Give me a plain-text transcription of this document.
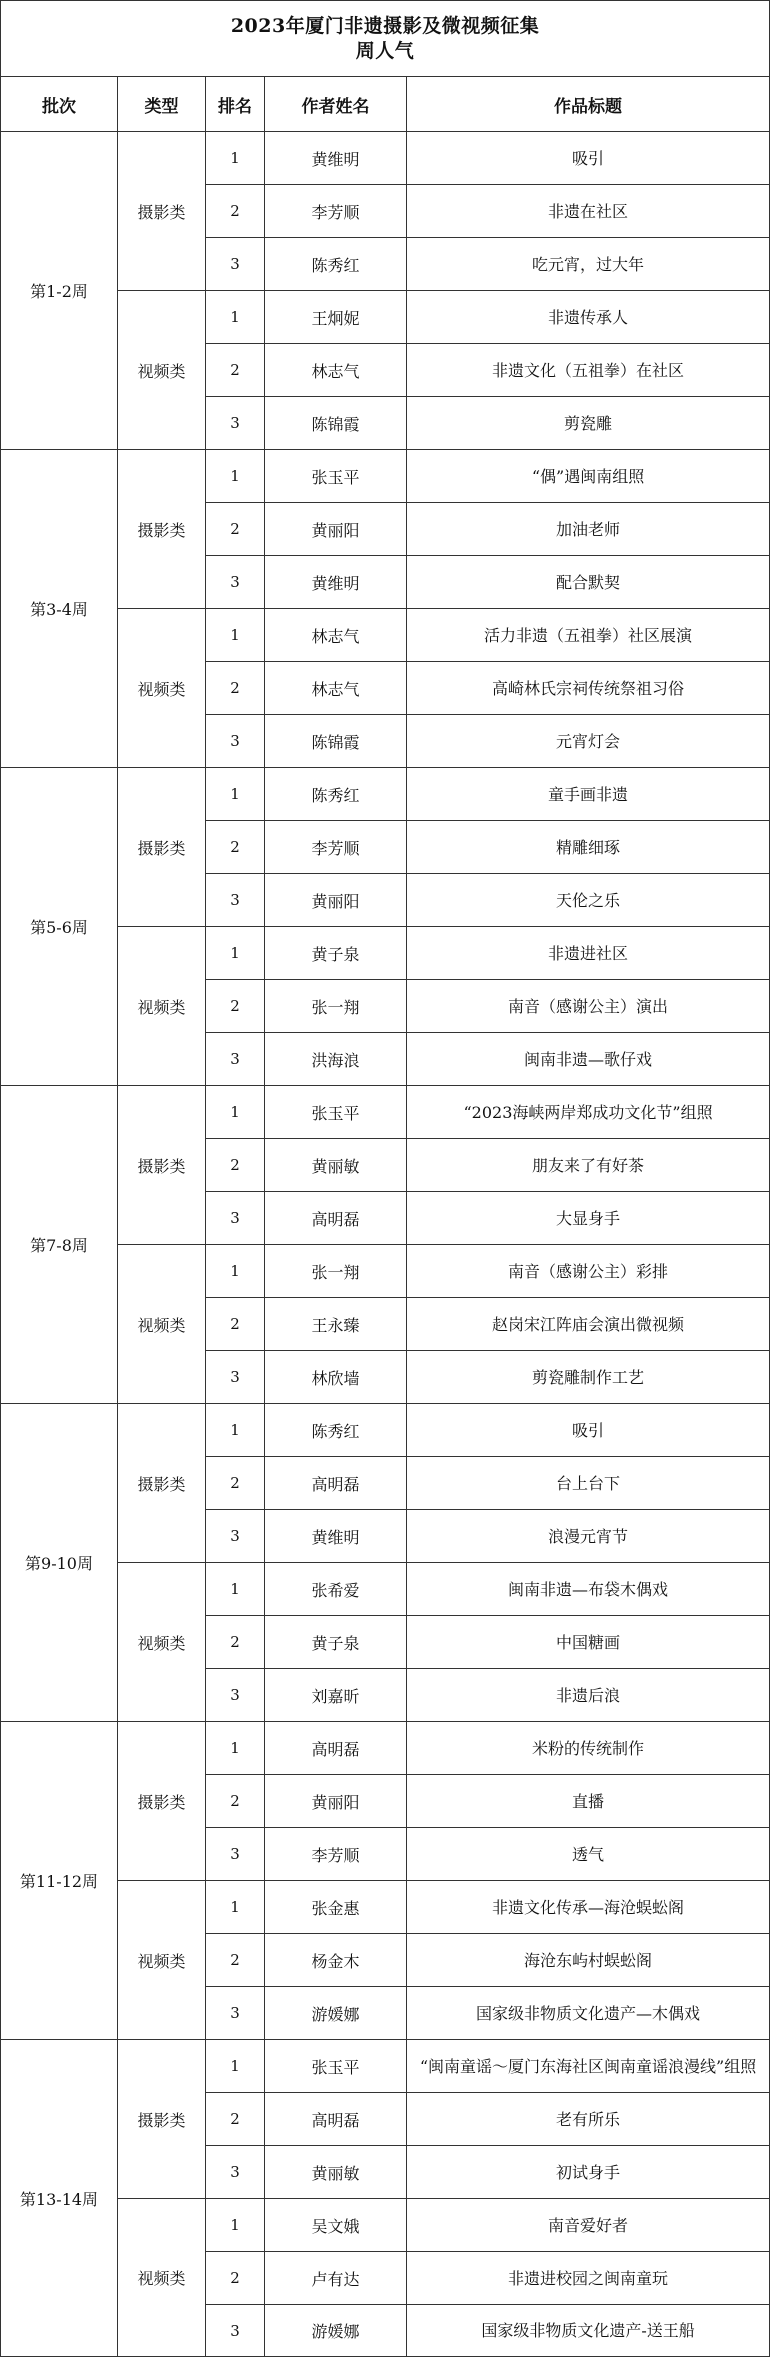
2023年厦门非遗摄影及微视频征集
周人气				

批次	类型	排名	作者姓名	作品标题
第1-2周	摄影类	1	黄维明	吸引
		2	李芳顺	非遗在社区
		3	陈秀红	吃元宵，过大年
	视频类	1	王炯妮	非遗传承人
		2	林志气	非遗文化（五祖拳）在社区
		3	陈锦霞	剪瓷雕
第3-4周	摄影类	1	张玉平	“偶”遇闽南组照
		2	黄丽阳	加油老师
		3	黄维明	配合默契
	视频类	1	林志气	活力非遗（五祖拳）社区展演
		2	林志气	高崎林氏宗祠传统祭祖习俗
		3	陈锦霞	元宵灯会
第5-6周	摄影类	1	陈秀红	童手画非遗
		2	李芳顺	精雕细琢
		3	黄丽阳	天伦之乐
	视频类	1	黄子泉	非遗进社区
		2	张一翔	南音（感谢公主）演出
		3	洪海浪	闽南非遗—歌仔戏
第7-8周	摄影类	1	张玉平	“2023海峡两岸郑成功文化节”组照
		2	黄丽敏	朋友来了有好茶
		3	高明磊	大显身手
	视频类	1	张一翔	南音（感谢公主）彩排
		2	王永臻	赵岗宋江阵庙会演出微视频
		3	林欣墙	剪瓷雕制作工艺
第9-10周	摄影类	1	陈秀红	吸引
		2	高明磊	台上台下
		3	黄维明	浪漫元宵节
	视频类	1	张希爱	闽南非遗—布袋木偶戏
		2	黄子泉	中国糖画
		3	刘嘉昕	非遗后浪
第11-12周	摄影类	1	高明磊	米粉的传统制作
		2	黄丽阳	直播
		3	李芳顺	透气
	视频类	1	张金惠	非遗文化传承—海沧蜈蚣阁
		2	杨金木	海沧东屿村蜈蚣阁
		3	游媛娜	国家级非物质文化遗产—木偶戏
第13-14周	摄影类	1	张玉平	“闽南童谣～厦门东海社区闽南童谣浪漫线”组照
		2	高明磊	老有所乐
		3	黄丽敏	初试身手
	视频类	1	吴文娥	南音爱好者
		2	卢有达	非遗进校园之闽南童玩
		3	游媛娜	国家级非物质文化遗产-送王船
